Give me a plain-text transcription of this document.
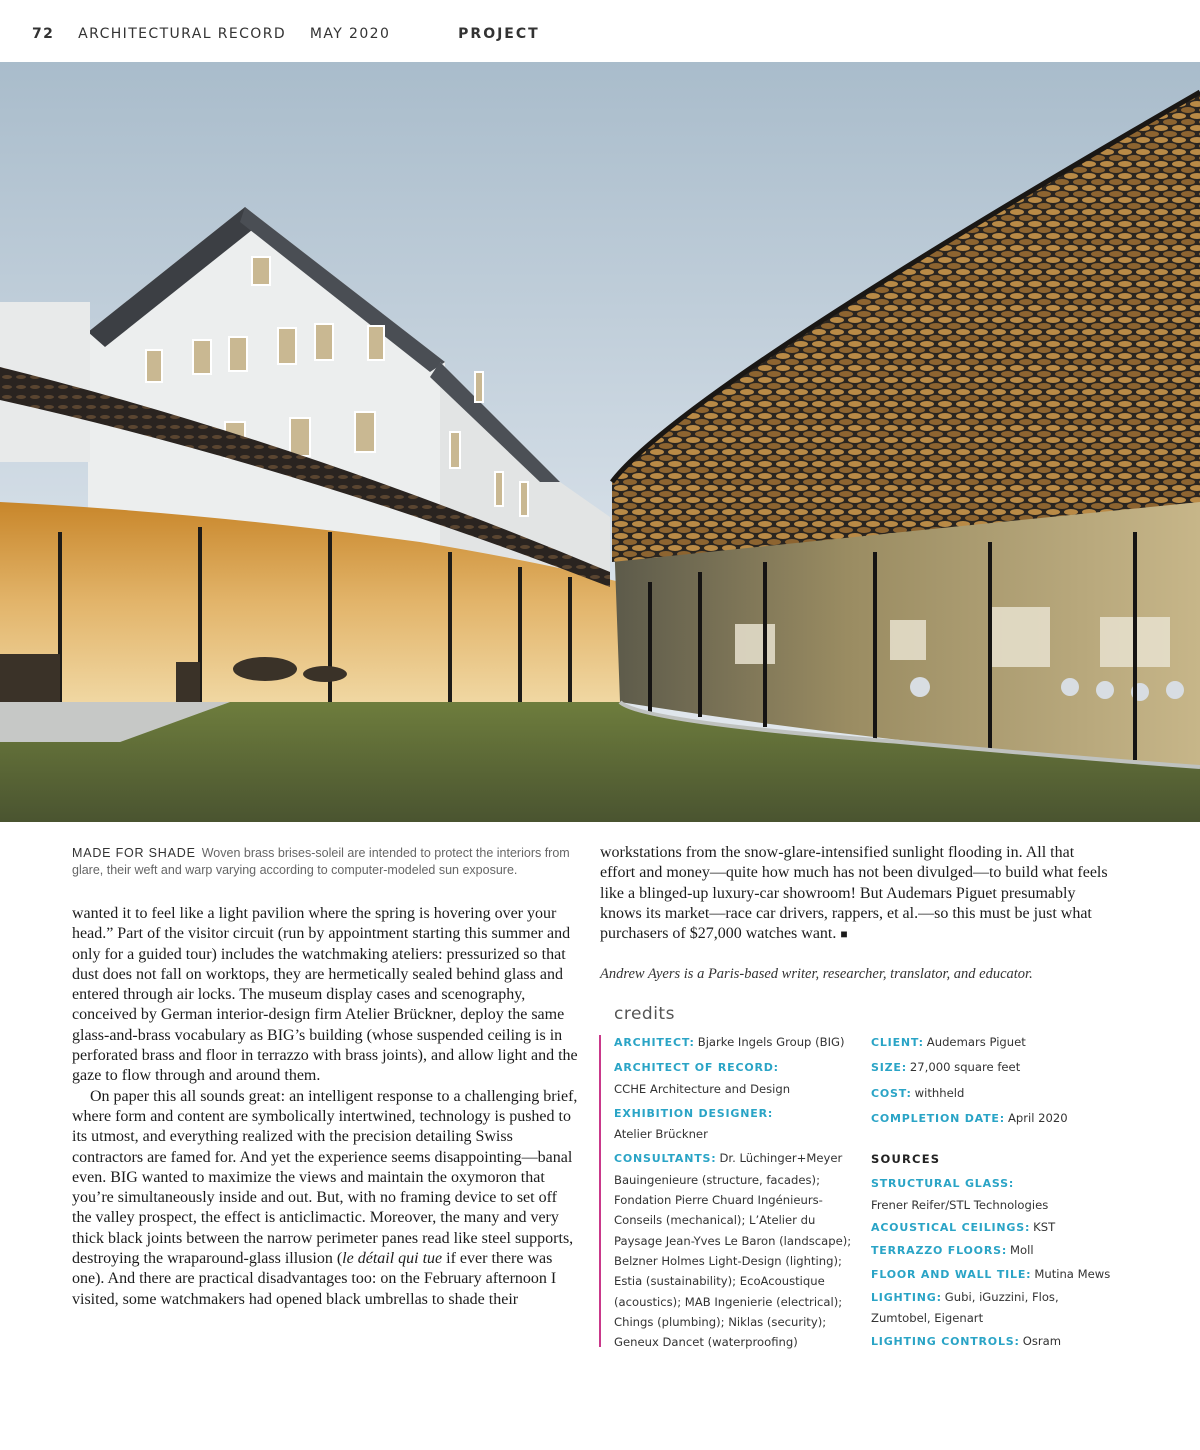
72 ARCHITECTURAL RECORD MAY 2020	PROJECT
MADE FOR SHADE Woven brass brises-soleil are intended to protect the interiors from glare, their weft and warp varying according to computer-modeled sun exposure.

wanted it to feel like a light pavilion where the spring is hovering over your head.” Part of the visitor circuit (run by appointment starting this summer and only for a guided tour) includes the watchmaking ateliers: pressurized so that dust does not fall on worktops, they are hermetically sealed behind glass and entered through air locks. The museum display cases and scenography, conceived by German interior-design firm Atelier Brückner, deploy the same glass-and-brass vocabulary as BIG’s building (whose suspended ceiling is in perforated brass and floor in terrazzo with brass joints), and allow light and the gaze to flow through and around them.

On paper this all sounds great: an intelligent response to a challenging brief, where form and content are symbolically intertwined, technology is pushed to its utmost, and everything realized with the precision detailing Swiss contractors are famed for. And yet the experience seems disappointing—banal even. BIG wanted to maximize the views and maintain the oxymoron that you’re simultaneously inside and out. But, with no framing device to set off the valley prospect, the effect is anticlimactic. Moreover, the many and very thick black joints between the narrow perimeter panes read like steel supports, destroying the wraparound-glass illusion (le détail qui tue if ever there was one). And there are practical disadvantages too: on the February afternoon I visited, some watchmakers had opened black umbrellas to shade their

workstations from the snow-glare-intensified sunlight flooding in. All that effort and money—quite how much has not been divulged—to build what feels like a blinged-up luxury-car showroom! But Audemars Piguet presumably knows its market—race car drivers, rappers, et al.—so this must be just what purchasers of $27,000 watches want. ■

Andrew Ayers is a Paris-based writer, researcher, translator, and educator.
credits
ARCHITECT: Bjarke Ingels Group (BIG)
ARCHITECT OF RECORD:
CCHE Architecture and Design
EXHIBITION DESIGNER:
Atelier Brückner
CONSULTANTS: Dr. Lüchinger+Meyer Bauingenieure (structure, facades); Fondation Pierre Chuard Ingénieurs-Conseils (mechanical); L’Atelier du Paysage Jean-Yves Le Baron (landscape); Belzner Holmes Light-Design (lighting); Estia (sustainability); EcoAcoustique (acoustics); MAB Ingenierie (electrical); Chings (plumbing); Niklas (security); Geneux Dancet (waterproofing)
CLIENT: Audemars Piguet
SIZE: 27,000 square feet
COST: withheld
COMPLETION DATE: April 2020
SOURCES
STRUCTURAL GLASS:
Frener Reifer/STL Technologies
ACOUSTICAL CEILINGS: KST
TERRAZZO FLOORS: Moll
FLOOR AND WALL TILE: Mutina Mews
LIGHTING: Gubi, iGuzzini, Flos, Zumtobel, Eigenart
LIGHTING CONTROLS: Osram
